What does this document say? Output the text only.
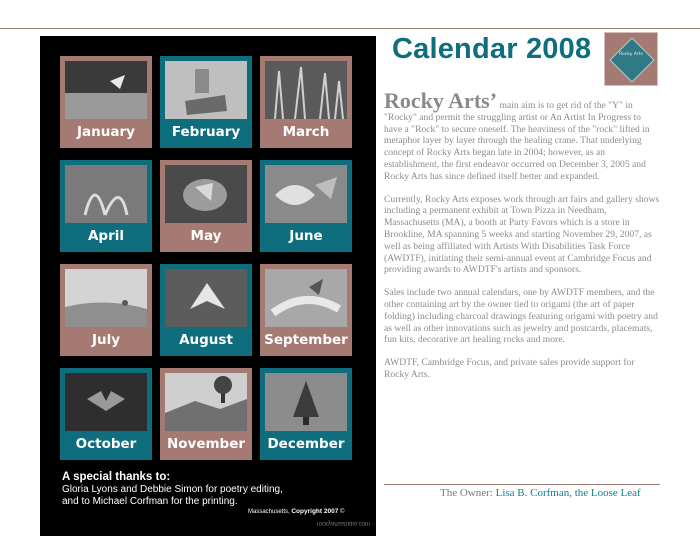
January	February	March
April	May	June
July	August	September
October	November	December
A special thanks to:
Gloria Lyons and Debbie Simon for poetry editing,
and to Michael Corfman for the printing.
Massachusetts, Copyright 2007 ©
rockyartsstudio.com
Calendar 2008	Rocky Arts

Rocky Arts’ main aim is to get rid of the "Y" in "Rocky" and permit the struggling artist or An Artist In Progress to have a "Rock" to secure oneself. The heaviness of the "rock" lifted in metaphor layer by layer through the healing crane. That underlying concept of Rocky Arts began late in 2004; however, as an establishment, the first endeavor occurred on December 3, 2005 and Rocky Arts has since defined itself better and expanded.

Currently, Rocky Arts exposes work through art fairs and gallery shows including a permanent exhibit at Town Pizza in Needham, Massachusetts (MA), a booth at Party Favors which is a store in Brookline, MA spanning 5 weeks and starting November 29, 2007, as well as being affiliated with Artists With Disabilities Task Force (AWDTF), initiating their semi-annual event at Cambridge Focus and providing awards to AWDTF's artists and sponsors.

Sales include two annual calendars, one by AWDTF members, and the other containing art by the owner tied to origami (the art of paper folding) including charcoal drawings featuring origami with poetry and as well as other innovations such as jewelry and postcards, placemats, fun kits, decorative art healing rocks and more.

AWDTF, Cambridge Focus, and private sales provide support for Rocky Arts.

The Owner: Lisa B. Corfman, the Loose Leaf
